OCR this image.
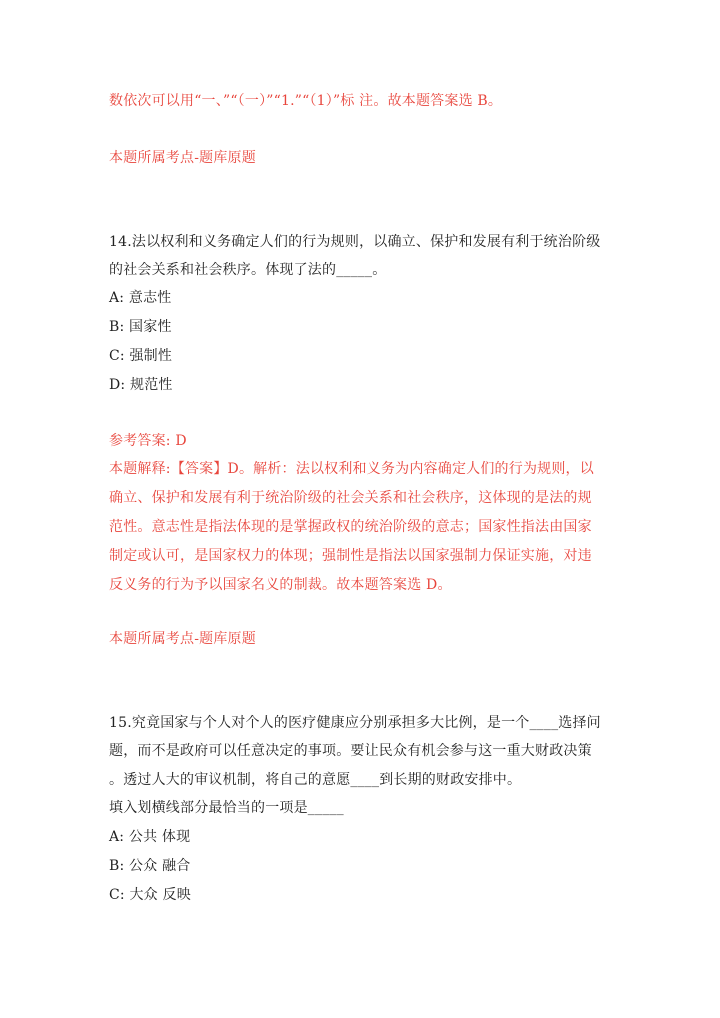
数依次可以用“一、”“（一）”“1.”“（1）”标 注。故本题答案选 B。
本题所属考点-题库原题
14.法以权利和义务确定人们的行为规则，以确立、保护和发展有利于统治阶级
的社会关系和社会秩序。体现了法的_____。
A: 意志性
B: 国家性
C: 强制性
D: 规范性
参考答案: D
本题解释:【答案】D。解析：法以权利和义务为内容确定人们的行为规则，以
确立、保护和发展有利于统治阶级的社会关系和社会秩序，这体现的是法的规
范性。意志性是指法体现的是掌握政权的统治阶级的意志；国家性指法由国家
制定或认可，是国家权力的体现；强制性是指法以国家强制力保证实施，对违
反义务的行为予以国家名义的制裁。故本题答案选 D。
本题所属考点-题库原题
15.究竟国家与个人对个人的医疗健康应分别承担多大比例，是一个____选择问
题，而不是政府可以任意决定的事项。要让民众有机会参与这一重大财政决策
。透过人大的审议机制，将自己的意愿____到长期的财政安排中。
填入划横线部分最恰当的一项是_____
A: 公共 体现
B: 公众 融合
C: 大众 反映
